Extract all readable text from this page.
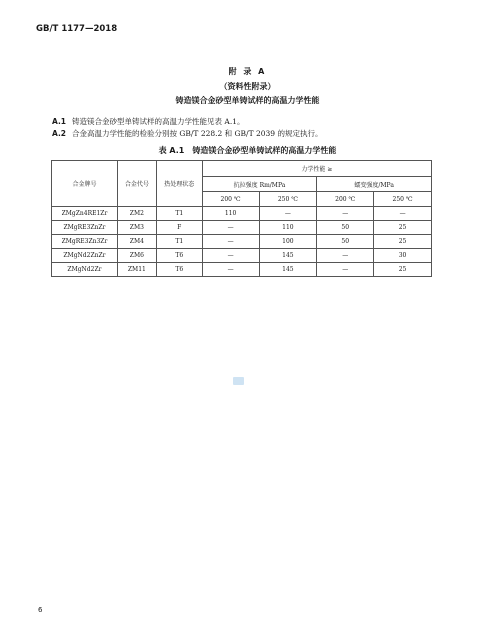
GB/T 1177—2018
附 录 A
（资料性附录）
铸造镁合金砂型单铸试样的高温力学性能
A.1 铸造镁合金砂型单铸试样的高温力学性能见表 A.1。
A.2 合金高温力学性能的检验分别按 GB/T 228.2 和 GB/T 2039 的规定执行。
表 A.1 铸造镁合金砂型单铸试样的高温力学性能
合金牌号	合金代号	热处理状态	力学性能 ≥			
			抗拉强度 Rm/MPa		蠕变强度/MPa	
			200 ℃	250 ℃	200 ℃	250 ℃
ZMgZn4RE1Zr	ZM2	T1	110	—	—	—
ZMgRE3ZnZr	ZM3	F	—	110	50	25
ZMgRE3Zn3Zr	ZM4	T1	—	100	50	25
ZMgNd2ZnZr	ZM6	T6	—	145	—	30
ZMgNd2Zr	ZM11	T6	—	145	—	25
6
